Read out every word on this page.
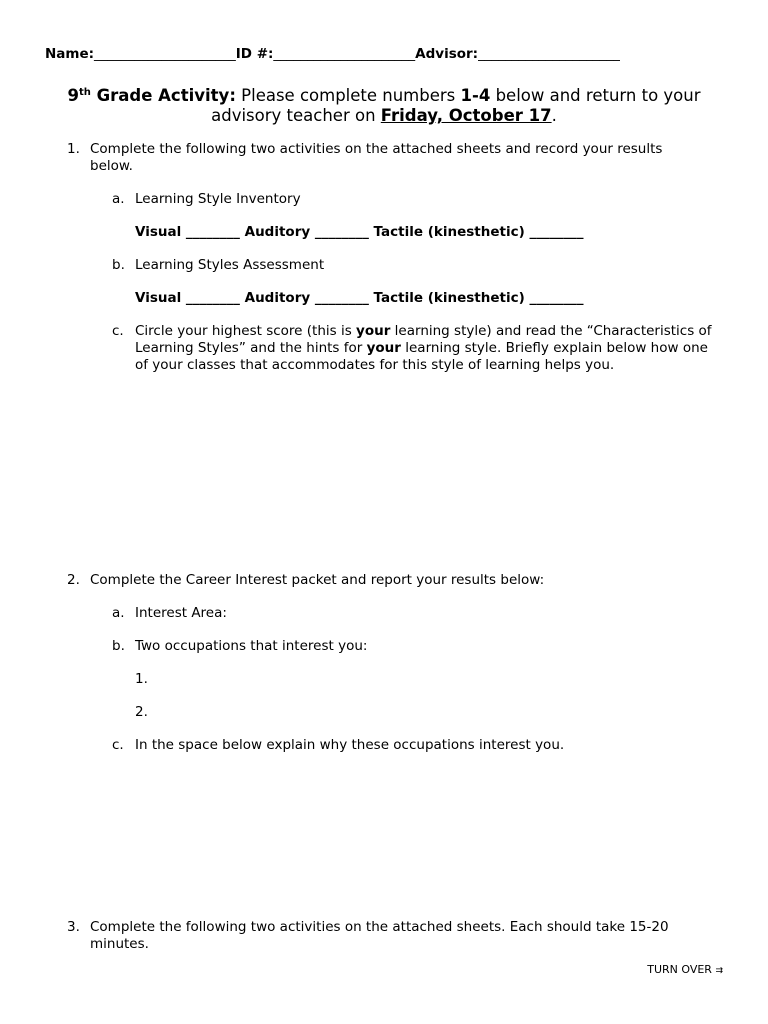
Name:_____________________ID #:_____________________Advisor:_____________________
9th Grade Activity: Please complete numbers 1-4 below and return to your
advisory teacher on Friday, October 17.
1. Complete the following two activities on the attached sheets and record your results below.
a. Learning Style Inventory
Visual ________ Auditory ________ Tactile (kinesthetic) ________
b. Learning Styles Assessment
Visual ________ Auditory ________ Tactile (kinesthetic) ________
c. Circle your highest score (this is your learning style) and read the “Characteristics of Learning Styles” and the hints for your learning style. Briefly explain below how one of your classes that accommodates for this style of learning helps you.
2. Complete the Career Interest packet and report your results below:
a. Interest Area:
b. Two occupations that interest you:
1.
2.
c. In the space below explain why these occupations interest you.
3. Complete the following two activities on the attached sheets. Each should take 15-20 minutes.
TURN OVER ⇉
